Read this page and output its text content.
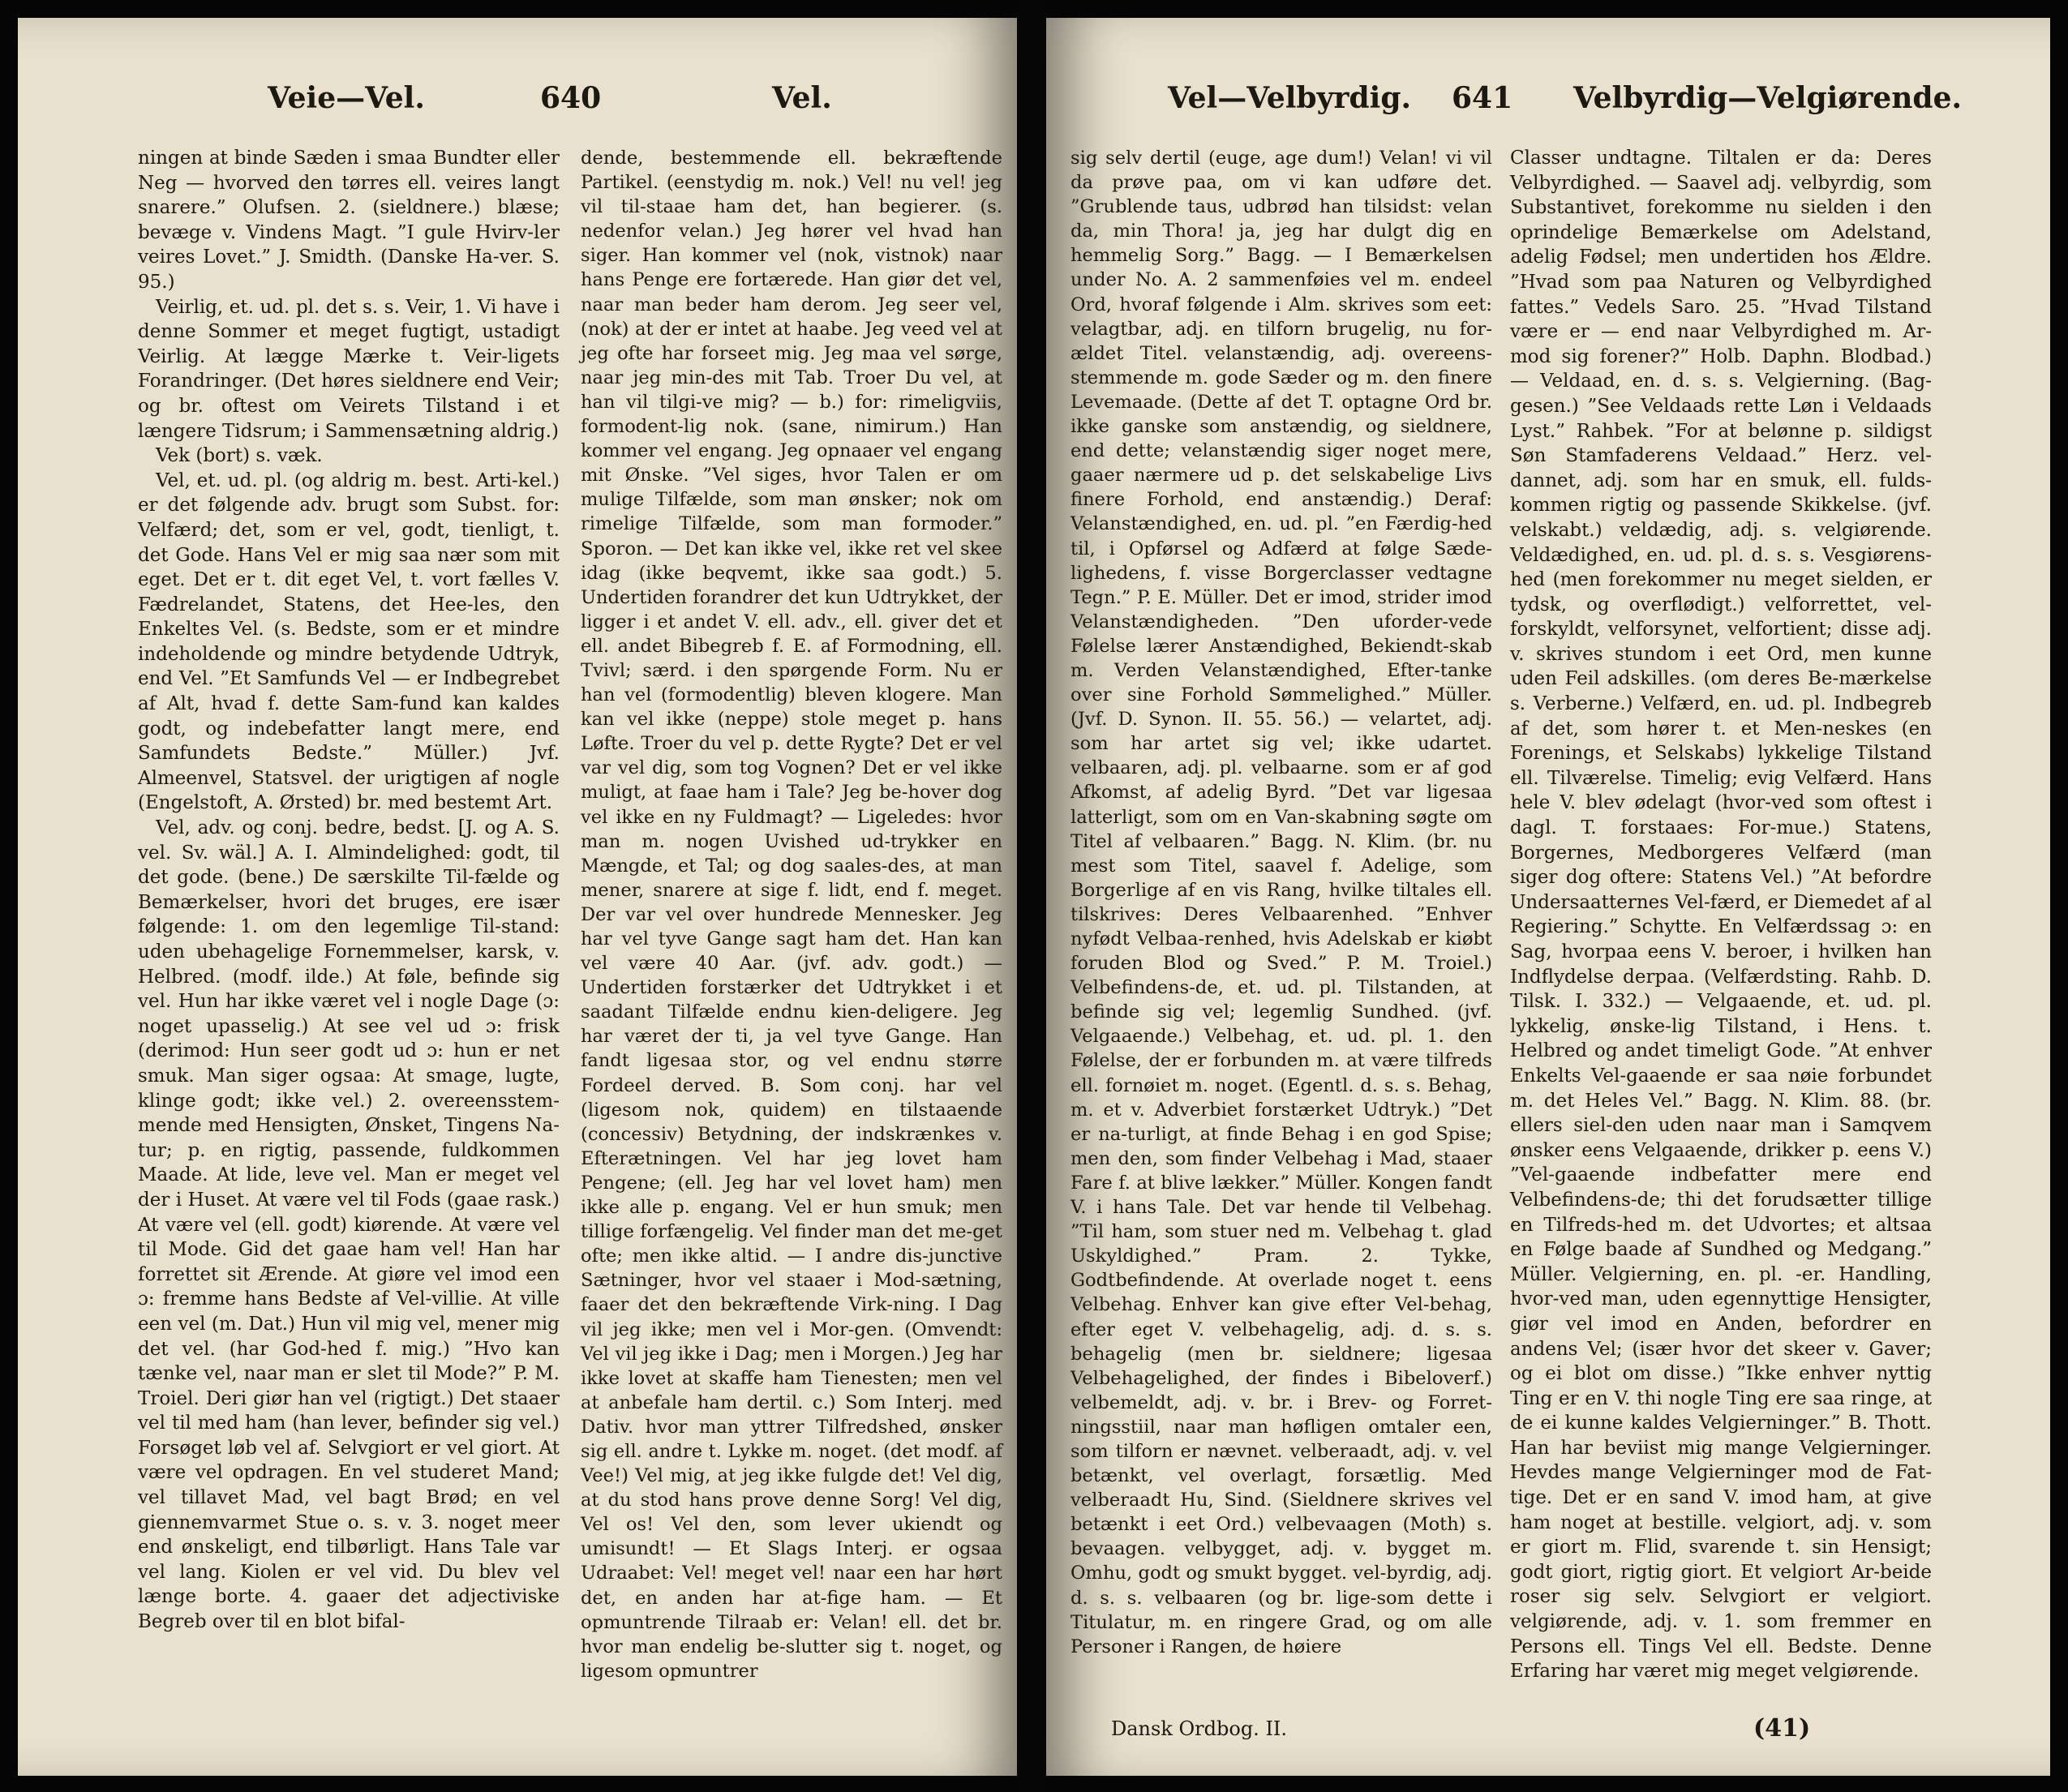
Veie—Vel.	640	Vel.

ningen at binde Sæden i smaa Bundter eller Neg — hvorved den tørres ell. veires langt snarere.” Olufsen. 2. (sieldnere.) blæse; bevæge v. Vindens Magt. ”I gule Hvirv-ler veires Lovet.” J. Smidth. (Danske Ha-ver. S. 95.)

Veirlig, et. ud. pl. det s. s. Veir, 1. Vi have i denne Sommer et meget fugtigt, ustadigt Veirlig. At lægge Mærke t. Veir-ligets Forandringer. (Det høres sieldnere end Veir; og br. oftest om Veirets Tilstand i et længere Tidsrum; i Sammensætning aldrig.)

Vek (bort) s. væk.

Vel, et. ud. pl. (og aldrig m. best. Arti-kel.) er det følgende adv. brugt som Subst. for: Velfærd; det, som er vel, godt, tienligt, t. det Gode. Hans Vel er mig saa nær som mit eget. Det er t. dit eget Vel, t. vort fælles V. Fædrelandet, Statens, det Hee-les, den Enkeltes Vel. (s. Bedste, som er et mindre indeholdende og mindre betydende Udtryk, end Vel. ”Et Samfunds Vel — er Indbegrebet af Alt, hvad f. dette Sam-fund kan kaldes godt, og indebefatter langt mere, end Samfundets Bedste.” Müller.) Jvf. Almeenvel, Statsvel. der urigtigen af nogle (Engelstoft, A. Ørsted) br. med bestemt Art.

Vel, adv. og conj. bedre, bedst. [J. og A. S. vel. Sv. wäl.] A. I. Almindelighed: godt, til det gode. (bene.) De særskilte Til-fælde og Bemærkelser, hvori det bruges, ere især følgende: 1. om den legemlige Til-stand: uden ubehagelige Fornemmelser, karsk, v. Helbred. (modf. ilde.) At føle, befinde sig vel. Hun har ikke været vel i nogle Dage (ɔ: noget upasselig.) At see vel ud ɔ: frisk (derimod: Hun seer godt ud ɔ: hun er net smuk. Man siger ogsaa: At smage, lugte, klinge godt; ikke vel.) 2. overeensstem-mende med Hensigten, Ønsket, Tingens Na-tur; p. en rigtig, passende, fuldkommen Maade. At lide, leve vel. Man er meget vel der i Huset. At være vel til Fods (gaae rask.) At være vel (ell. godt) kiørende. At være vel til Mode. Gid det gaae ham vel! Han har forrettet sit Ærende. At giøre vel imod een ɔ: fremme hans Bedste af Vel-villie. At ville een vel (m. Dat.) Hun vil mig vel, mener mig det vel. (har God-hed f. mig.) ”Hvo kan tænke vel, naar man er slet til Mode?” P. M. Troiel. Deri giør han vel (rigtigt.) Det staaer vel til med ham (han lever, befinder sig vel.) Forsøget løb vel af. Selvgiort er vel giort. At være vel opdragen. En vel studeret Mand; vel tillavet Mad, vel bagt Brød; en vel giennemvarmet Stue o. s. v. 3. noget meer end ønskeligt, end tilbørligt. Hans Tale var vel lang. Kiolen er vel vid. Du blev vel længe borte. 4. gaaer det adjectiviske Begreb over til en blot bifal-

dende, bestemmende ell. bekræftende Partikel. (eenstydig m. nok.) Vel! nu vel! jeg vil til-staae ham det, han begierer. (s. nedenfor velan.) Jeg hører vel hvad han siger. Han kommer vel (nok, vistnok) naar hans Penge ere fortærede. Han giør det vel, naar man beder ham derom. Jeg seer vel, (nok) at der er intet at haabe. Jeg veed vel at jeg ofte har forseet mig. Jeg maa vel sørge, naar jeg min-des mit Tab. Troer Du vel, at han vil tilgi-ve mig? — b.) for: rimeligviis, formodent-lig nok. (sane, nimirum.) Han kommer vel engang. Jeg opnaaer vel engang mit Ønske. ”Vel siges, hvor Talen er om mulige Tilfælde, som man ønsker; nok om rimelige Tilfælde, som man formoder.” Sporon. — Det kan ikke vel, ikke ret vel skee idag (ikke beqvemt, ikke saa godt.) 5. Undertiden forandrer det kun Udtrykket, der ligger i et andet V. ell. adv., ell. giver det et ell. andet Bibegreb f. E. af Formodning, ell. Tvivl; særd. i den spørgende Form. Nu er han vel (formodentlig) bleven klogere. Man kan vel ikke (neppe) stole meget p. hans Løfte. Troer du vel p. dette Rygte? Det er vel var vel dig, som tog Vognen? Det er vel ikke muligt, at faae ham i Tale? Jeg be-hover dog vel ikke en ny Fuldmagt? — Ligeledes: hvor man m. nogen Uvished ud-trykker en Mængde, et Tal; og dog saales-des, at man mener, snarere at sige f. lidt, end f. meget. Der var vel over hundrede Mennesker. Jeg har vel tyve Gange sagt ham det. Han kan vel være 40 Aar. (jvf. adv. godt.) — Undertiden forstærker det Udtrykket i et saadant Tilfælde endnu kien-deligere. Jeg har været der ti, ja vel tyve Gange. Han fandt ligesaa stor, og vel endnu større Fordeel derved. B. Som conj. har vel (ligesom nok, quidem) en tilstaaende (concessiv) Betydning, der indskrænkes v. Efterætningen. Vel har jeg lovet ham Pengene; (ell. Jeg har vel lovet ham) men ikke alle p. engang. Vel er hun smuk; men tillige forfængelig. Vel finder man det me-get ofte; men ikke altid. — I andre dis-junctive Sætninger, hvor vel staaer i Mod-sætning, faaer det den bekræftende Virk-ning. I Dag vil jeg ikke; men vel i Mor-gen. (Omvendt: Vel vil jeg ikke i Dag; men i Morgen.) Jeg har ikke lovet at skaffe ham Tienesten; men vel at anbefale ham dertil. c.) Som Interj. med Dativ. hvor man yttrer Tilfredshed, ønsker sig ell. andre t. Lykke m. noget. (det modf. af Vee!) Vel mig, at jeg ikke fulgde det! Vel dig, at du stod hans prove denne Sorg! Vel dig, Vel os! Vel den, som lever ukiendt og umisundt! — Et Slags Interj. er ogsaa Udraabet: Vel! meget vel! naar een har hørt det, en anden har at-fige ham. — Et opmuntrende Tilraab er: Velan! ell. det br. hvor man endelig be-slutter sig t. noget, og ligesom opmuntrer

Vel—Velbyrdig. 641 Velbyrdig—Velgiørende.

sig selv dertil (euge, age dum!) Velan! vi vil da prøve paa, om vi kan udføre det. ”Grublende taus, udbrød han tilsidst: velan da, min Thora! ja, jeg har dulgt dig en hemmelig Sorg.” Bagg. — I Bemærkelsen under No. A. 2 sammenføies vel m. endeel Ord, hvoraf følgende i Alm. skrives som eet: velagtbar, adj. en tilforn brugelig, nu for-ældet Titel. velanstændig, adj. overeens-stemmende m. gode Sæder og m. den finere Levemaade. (Dette af det T. optagne Ord br. ikke ganske som anstændig, og sieldnere, end dette; velanstændig siger noget mere, gaaer nærmere ud p. det selskabelige Livs finere Forhold, end anstændig.) Deraf: Velanstændighed, en. ud. pl. ”en Færdig-hed til, i Opførsel og Adfærd at følge Sæde-lighedens, f. visse Borgerclasser vedtagne Tegn.” P. E. Müller. Det er imod, strider imod Velanstændigheden. ”Den uforder-vede Følelse lærer Anstændighed, Bekiendt-skab m. Verden Velanstændighed, Efter-tanke over sine Forhold Sømmelighed.” Müller. (Jvf. D. Synon. II. 55. 56.) — velartet, adj. som har artet sig vel; ikke udartet. velbaaren, adj. pl. velbaarne. som er af god Afkomst, af adelig Byrd. ”Det var ligesaa latterligt, som om en Van-skabning søgte om Titel af velbaaren.” Bagg. N. Klim. (br. nu mest som Titel, saavel f. Adelige, som Borgerlige af en vis Rang, hvilke tiltales ell. tilskrives: Deres Velbaarenhed. ”Enhver nyfødt Velbaa-renhed, hvis Adelskab er kiøbt foruden Blod og Sved.” P. M. Troiel.) Velbefindens-de, et. ud. pl. Tilstanden, at befinde sig vel; legemlig Sundhed. (jvf. Velgaaende.) Velbehag, et. ud. pl. 1. den Følelse, der er forbunden m. at være tilfreds ell. fornøiet m. noget. (Egentl. d. s. s. Behag, m. et v. Adverbiet forstærket Udtryk.) ”Det er na-turligt, at finde Behag i en god Spise; men den, som finder Velbehag i Mad, staaer Fare f. at blive lækker.” Müller. Kongen fandt V. i hans Tale. Det var hende til Velbehag. ”Til ham, som stuer ned m. Velbehag t. glad Uskyldighed.” Pram. 2. Tykke, Godtbefindende. At overlade noget t. eens Velbehag. Enhver kan give efter Vel-behag, efter eget V. velbehagelig, adj. d. s. s. behagelig (men br. sieldnere; ligesaa Velbehagelighed, der findes i Bibeloverf.) velbemeldt, adj. v. br. i Brev- og Forret-ningsstiil, naar man høfligen omtaler een, som tilforn er nævnet. velberaadt, adj. v. vel betænkt, vel overlagt, forsætlig. Med velberaadt Hu, Sind. (Sieldnere skrives vel betænkt i eet Ord.) velbevaagen (Moth) s. bevaagen. velbygget, adj. v. bygget m. Omhu, godt og smukt bygget. vel-byrdig, adj. d. s. s. velbaaren (og br. lige-som dette i Titulatur, m. en ringere Grad, og om alle Personer i Rangen, de høiere

Classer undtagne. Tiltalen er da: Deres Velbyrdighed. — Saavel adj. velbyrdig, som Substantivet, forekomme nu sielden i den oprindelige Bemærkelse om Adelstand, adelig Fødsel; men undertiden hos Ældre. ”Hvad som paa Naturen og Velbyrdighed fattes.” Vedels Saro. 25. ”Hvad Tilstand være er — end naar Velbyrdighed m. Ar-mod sig forener?” Holb. Daphn. Blodbad.) — Veldaad, en. d. s. s. Velgierning. (Bag-gesen.) ”See Veldaads rette Løn i Veldaads Lyst.” Rahbek. ”For at belønne p. sildigst Søn Stamfaderens Veldaad.” Herz. vel-dannet, adj. som har en smuk, ell. fulds-kommen rigtig og passende Skikkelse. (jvf. velskabt.) veldædig, adj. s. velgiørende. Veldædighed, en. ud. pl. d. s. s. Vesgiørens-hed (men forekommer nu meget sielden, er tydsk, og overflødigt.) velforrettet, vel-forskyldt, velforsynet, velfortient; disse adj. v. skrives stundom i eet Ord, men kunne uden Feil adskilles. (om deres Be-mærkelse s. Verberne.) Velfærd, en. ud. pl. Indbegreb af det, som hører t. et Men-neskes (en Forenings, et Selskabs) lykkelige Tilstand ell. Tilværelse. Timelig; evig Velfærd. Hans hele V. blev ødelagt (hvor-ved som oftest i dagl. T. forstaaes: For-mue.) Statens, Borgernes, Medborgeres Velfærd (man siger dog oftere: Statens Vel.) ”At befordre Undersaatternes Vel-færd, er Diemedet af al Regiering.” Schytte. En Velfærdssag ɔ: en Sag, hvorpaa eens V. beroer, i hvilken han Indflydelse derpaa. (Velfærdsting. Rahb. D. Tilsk. I. 332.) — Velgaaende, et. ud. pl. lykkelig, ønske-lig Tilstand, i Hens. t. Helbred og andet timeligt Gode. ”At enhver Enkelts Vel-gaaende er saa nøie forbundet m. det Heles Vel.” Bagg. N. Klim. 88. (br. ellers siel-den uden naar man i Samqvem ønsker eens Velgaaende, drikker p. eens V.) ”Vel-gaaende indbefatter mere end Velbefindens-de; thi det forudsætter tillige en Tilfreds-hed m. det Udvortes; et altsaa en Følge baade af Sundhed og Medgang.” Müller. Velgierning, en. pl. -er. Handling, hvor-ved man, uden egennyttige Hensigter, giør vel imod en Anden, befordrer en andens Vel; (især hvor det skeer v. Gaver; og ei blot om disse.) ”Ikke enhver nyttig Ting er en V. thi nogle Ting ere saa ringe, at de ei kunne kaldes Velgierninger.” B. Thott. Han har beviist mig mange Velgierninger. Hevdes mange Velgierninger mod de Fat-tige. Det er en sand V. imod ham, at give ham noget at bestille. velgiort, adj. v. som er giort m. Flid, svarende t. sin Hensigt; godt giort, rigtig giort. Et velgiort Ar-beide roser sig selv. Selvgiort er velgiort. velgiørende, adj. v. 1. som fremmer en Persons ell. Tings Vel ell. Bedste. Denne Erfaring har været mig meget velgiørende.

Dansk Ordbog. II.	(41)
